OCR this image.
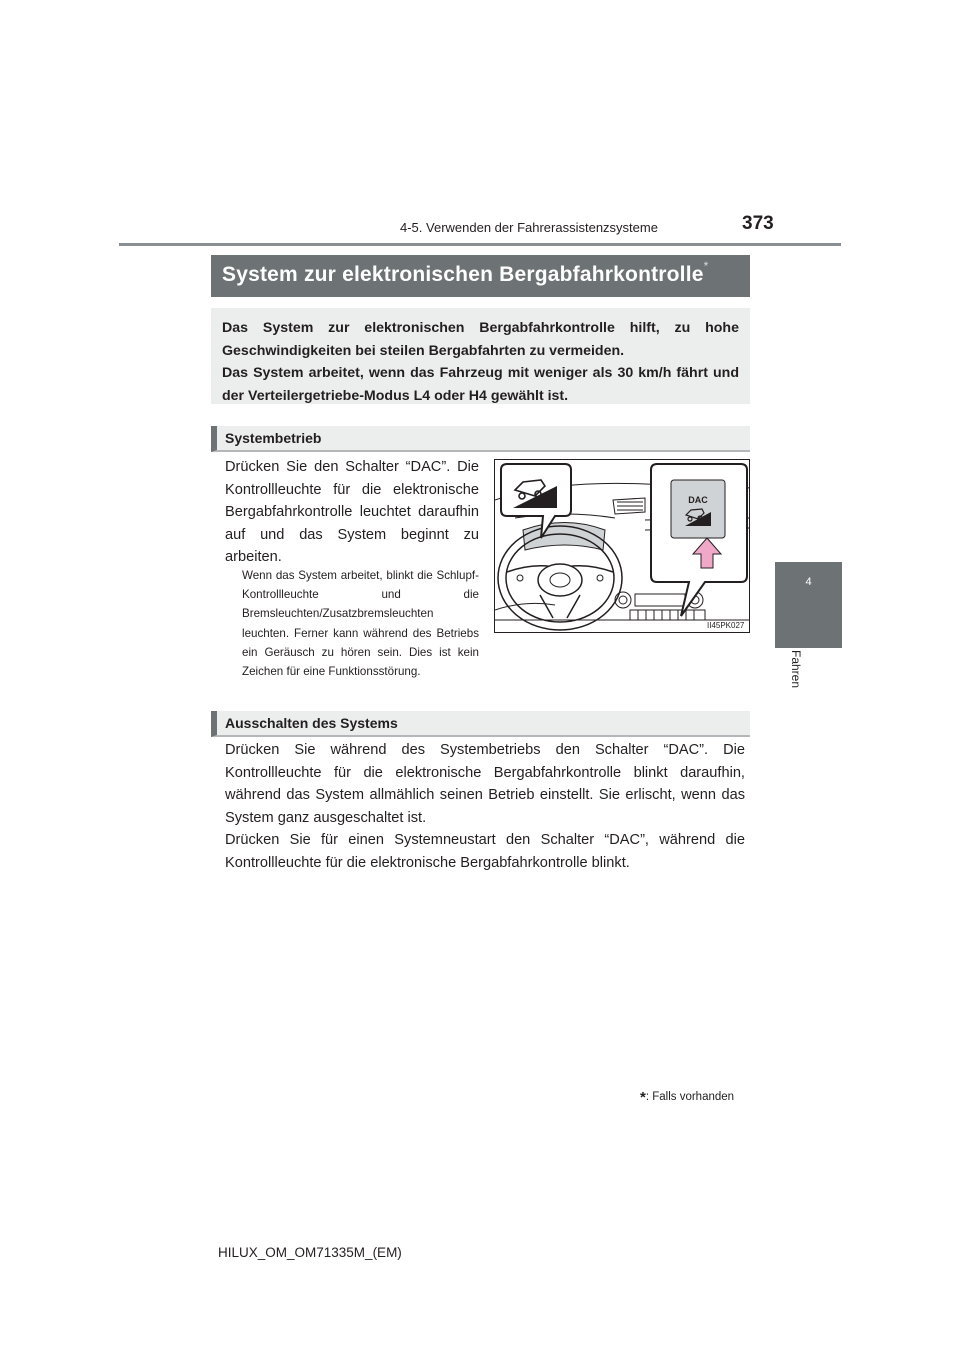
4-5. Verwenden der Fahrerassistenzsysteme	373
4
Fahren
System zur elektronischen Bergabfahrkontrolle*
Das System zur elektronischen Bergabfahrkontrolle hilft, zu hohe Geschwindigkeiten bei steilen Bergabfahrten zu vermeiden.
Das System arbeitet, wenn das Fahrzeug mit weniger als 30 km/h fährt und der Verteilergetriebe-Modus L4 oder H4 gewählt ist.
Systembetrieb
Drücken Sie den Schalter “DAC”. Die Kontrollleuchte für die elektronische Bergabfahrkontrolle leuchtet daraufhin auf und das System beginnt zu arbeiten.
Wenn das System arbeitet, blinkt die Schlupf-Kontrollleuchte und die Bremsleuchten/Zusatzbremsleuchten leuchten. Ferner kann während des Betriebs ein Geräusch zu hören sein. Dies ist kein Zeichen für eine Funktionsstörung.
DAC
II45PK027
Ausschalten des Systems
Drücken Sie während des Systembetriebs den Schalter “DAC”. Die Kontrollleuchte für die elektronische Bergabfahrkontrolle blinkt daraufhin, während das System allmählich seinen Betrieb einstellt. Sie erlischt, wenn das System ganz ausgeschaltet ist.
Drücken Sie für einen Systemneustart den Schalter “DAC”, während die Kontrollleuchte für die elektronische Bergabfahrkontrolle blinkt.
*: Falls vorhanden
HILUX_OM_OM71335M_(EM)
